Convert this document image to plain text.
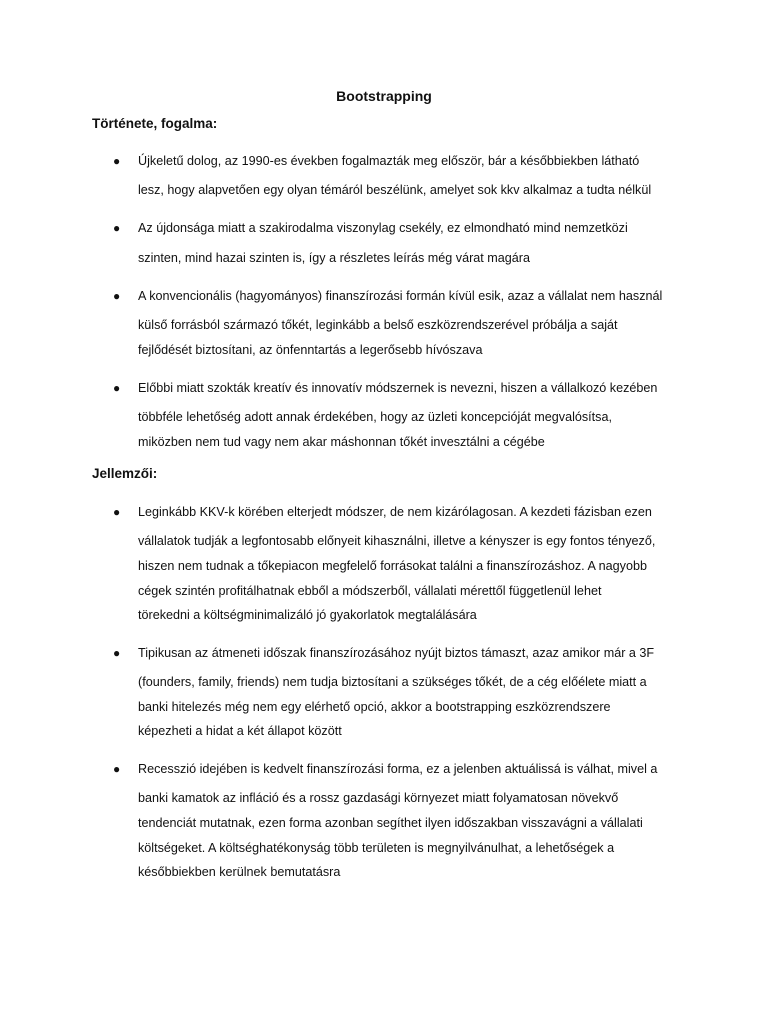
Bootstrapping
Története, fogalma:
● Újkeletű dolog, az 1990-es években fogalmazták meg először, bár a későbbiekben látható
lesz, hogy alapvetően egy olyan témáról beszélünk, amelyet sok kkv alkalmaz a tudta nélkül
● Az újdonsága miatt a szakirodalma viszonylag csekély, ez elmondható mind nemzetközi
szinten, mind hazai szinten is, így a részletes leírás még várat magára
● A konvencionális (hagyományos) finanszírozási formán kívül esik, azaz a vállalat nem használ
külső forrásból származó tőkét, leginkább a belső eszközrendszerével próbálja a saját
fejlődését biztosítani, az önfenntartás a legerősebb hívószava
● Előbbi miatt szokták kreatív és innovatív módszernek is nevezni, hiszen a vállalkozó kezében
többféle lehetőség adott annak érdekében, hogy az üzleti koncepcióját megvalósítsa,
miközben nem tud vagy nem akar máshonnan tőkét invesztálni a cégébe
Jellemzői:
● Leginkább KKV-k körében elterjedt módszer, de nem kizárólagosan. A kezdeti fázisban ezen
vállalatok tudják a legfontosabb előnyeit kihasználni, illetve a kényszer is egy fontos tényező,
hiszen nem tudnak a tőkepiacon megfelelő forrásokat találni a finanszírozáshoz. A nagyobb
cégek szintén profitálhatnak ebből a módszerből, vállalati mérettől függetlenül lehet
törekedni a költségminimalizáló jó gyakorlatok megtalálására
● Tipikusan az átmeneti időszak finanszírozásához nyújt biztos támaszt, azaz amikor már a 3F
(founders, family, friends) nem tudja biztosítani a szükséges tőkét, de a cég előélete miatt a
banki hitelezés még nem egy elérhető opció, akkor a bootstrapping eszközrendszere
képezheti a hidat a két állapot között
● Recesszió idejében is kedvelt finanszírozási forma, ez a jelenben aktuálissá is válhat, mivel a
banki kamatok az infláció és a rossz gazdasági környezet miatt folyamatosan növekvő
tendenciát mutatnak, ezen forma azonban segíthet ilyen időszakban visszavágni a vállalati
költségeket. A költséghatékonyság több területen is megnyilvánulhat, a lehetőségek a
későbbiekben kerülnek bemutatásra
